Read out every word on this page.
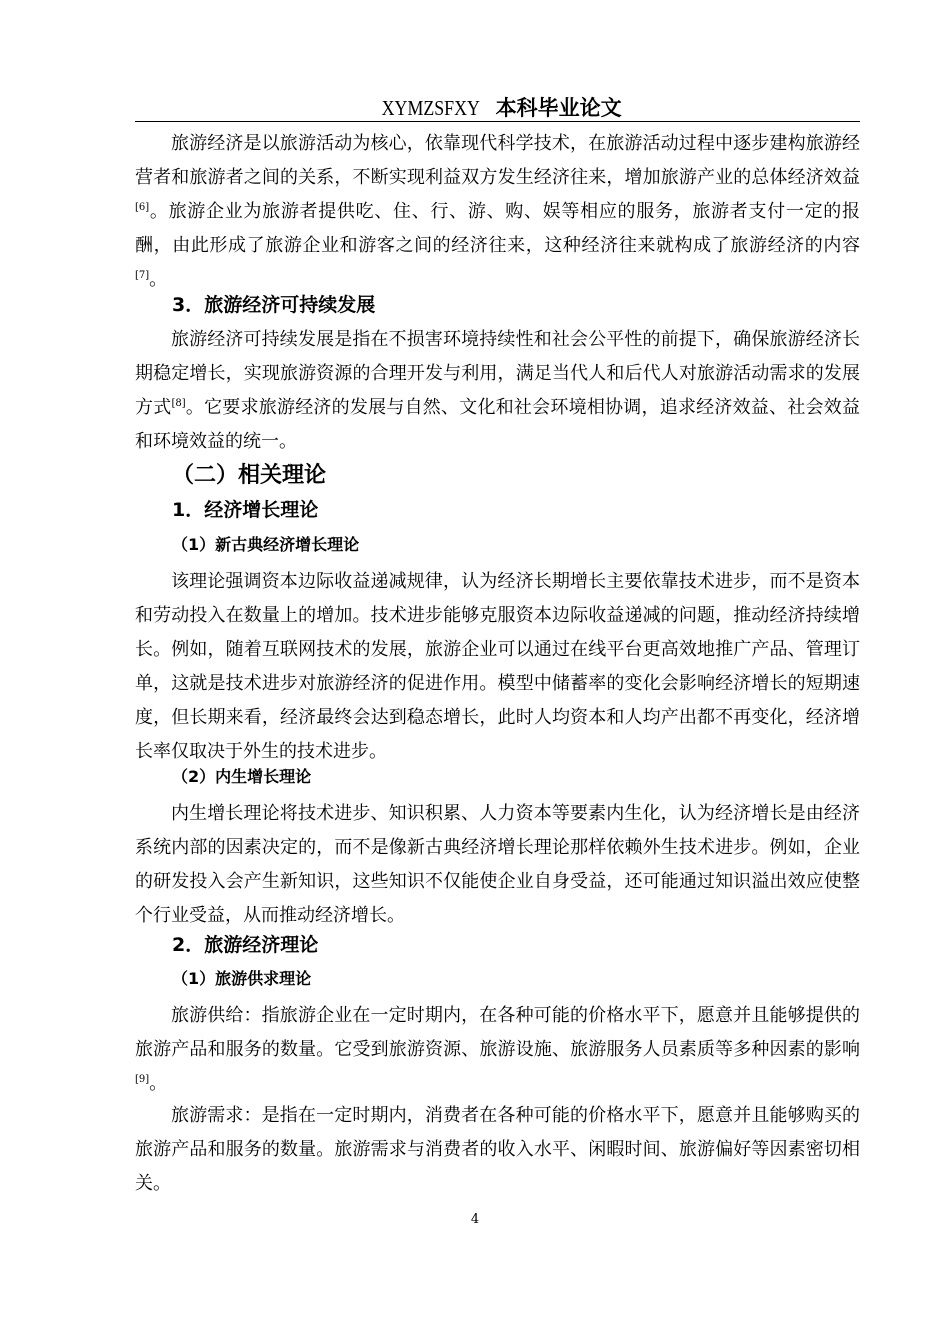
XYMZSFXY 本科毕业论文

旅游经济是以旅游活动为核心，依靠现代科学技术，在旅游活动过程中逐步建构旅游经营者和旅游者之间的关系，不断实现利益双方发生经济往来，增加旅游产业的总体经济效益[6]。旅游企业为旅游者提供吃、住、行、游、购、娱等相应的服务，旅游者支付一定的报酬，由此形成了旅游企业和游客之间的经济往来，这种经济往来就构成了旅游经济的内容[7]。

3．旅游经济可持续发展

旅游经济可持续发展是指在不损害环境持续性和社会公平性的前提下，确保旅游经济长期稳定增长，实现旅游资源的合理开发与利用，满足当代人和后代人对旅游活动需求的发展方式[8]。它要求旅游经济的发展与自然、文化和社会环境相协调，追求经济效益、社会效益和环境效益的统一。

（二）相关理论
1．经济增长理论
（1）新古典经济增长理论

该理论强调资本边际收益递减规律，认为经济长期增长主要依靠技术进步，而不是资本和劳动投入在数量上的增加。技术进步能够克服资本边际收益递减的问题，推动经济持续增长。例如，随着互联网技术的发展，旅游企业可以通过在线平台更高效地推广产品、管理订单，这就是技术进步对旅游经济的促进作用。模型中储蓄率的变化会影响经济增长的短期速度，但长期来看，经济最终会达到稳态增长，此时人均资本和人均产出都不再变化，经济增长率仅取决于外生的技术进步。

（2）内生增长理论

内生增长理论将技术进步、知识积累、人力资本等要素内生化，认为经济增长是由经济系统内部的因素决定的，而不是像新古典经济增长理论那样依赖外生技术进步。例如，企业的研发投入会产生新知识，这些知识不仅能使企业自身受益，还可能通过知识溢出效应使整个行业受益，从而推动经济增长。

2．旅游经济理论
（1）旅游供求理论

旅游供给：指旅游企业在一定时期内，在各种可能的价格水平下，愿意并且能够提供的旅游产品和服务的数量。它受到旅游资源、旅游设施、旅游服务人员素质等多种因素的影响[9]。

旅游需求：是指在一定时期内，消费者在各种可能的价格水平下，愿意并且能够购买的旅游产品和服务的数量。旅游需求与消费者的收入水平、闲暇时间、旅游偏好等因素密切相关。

4
